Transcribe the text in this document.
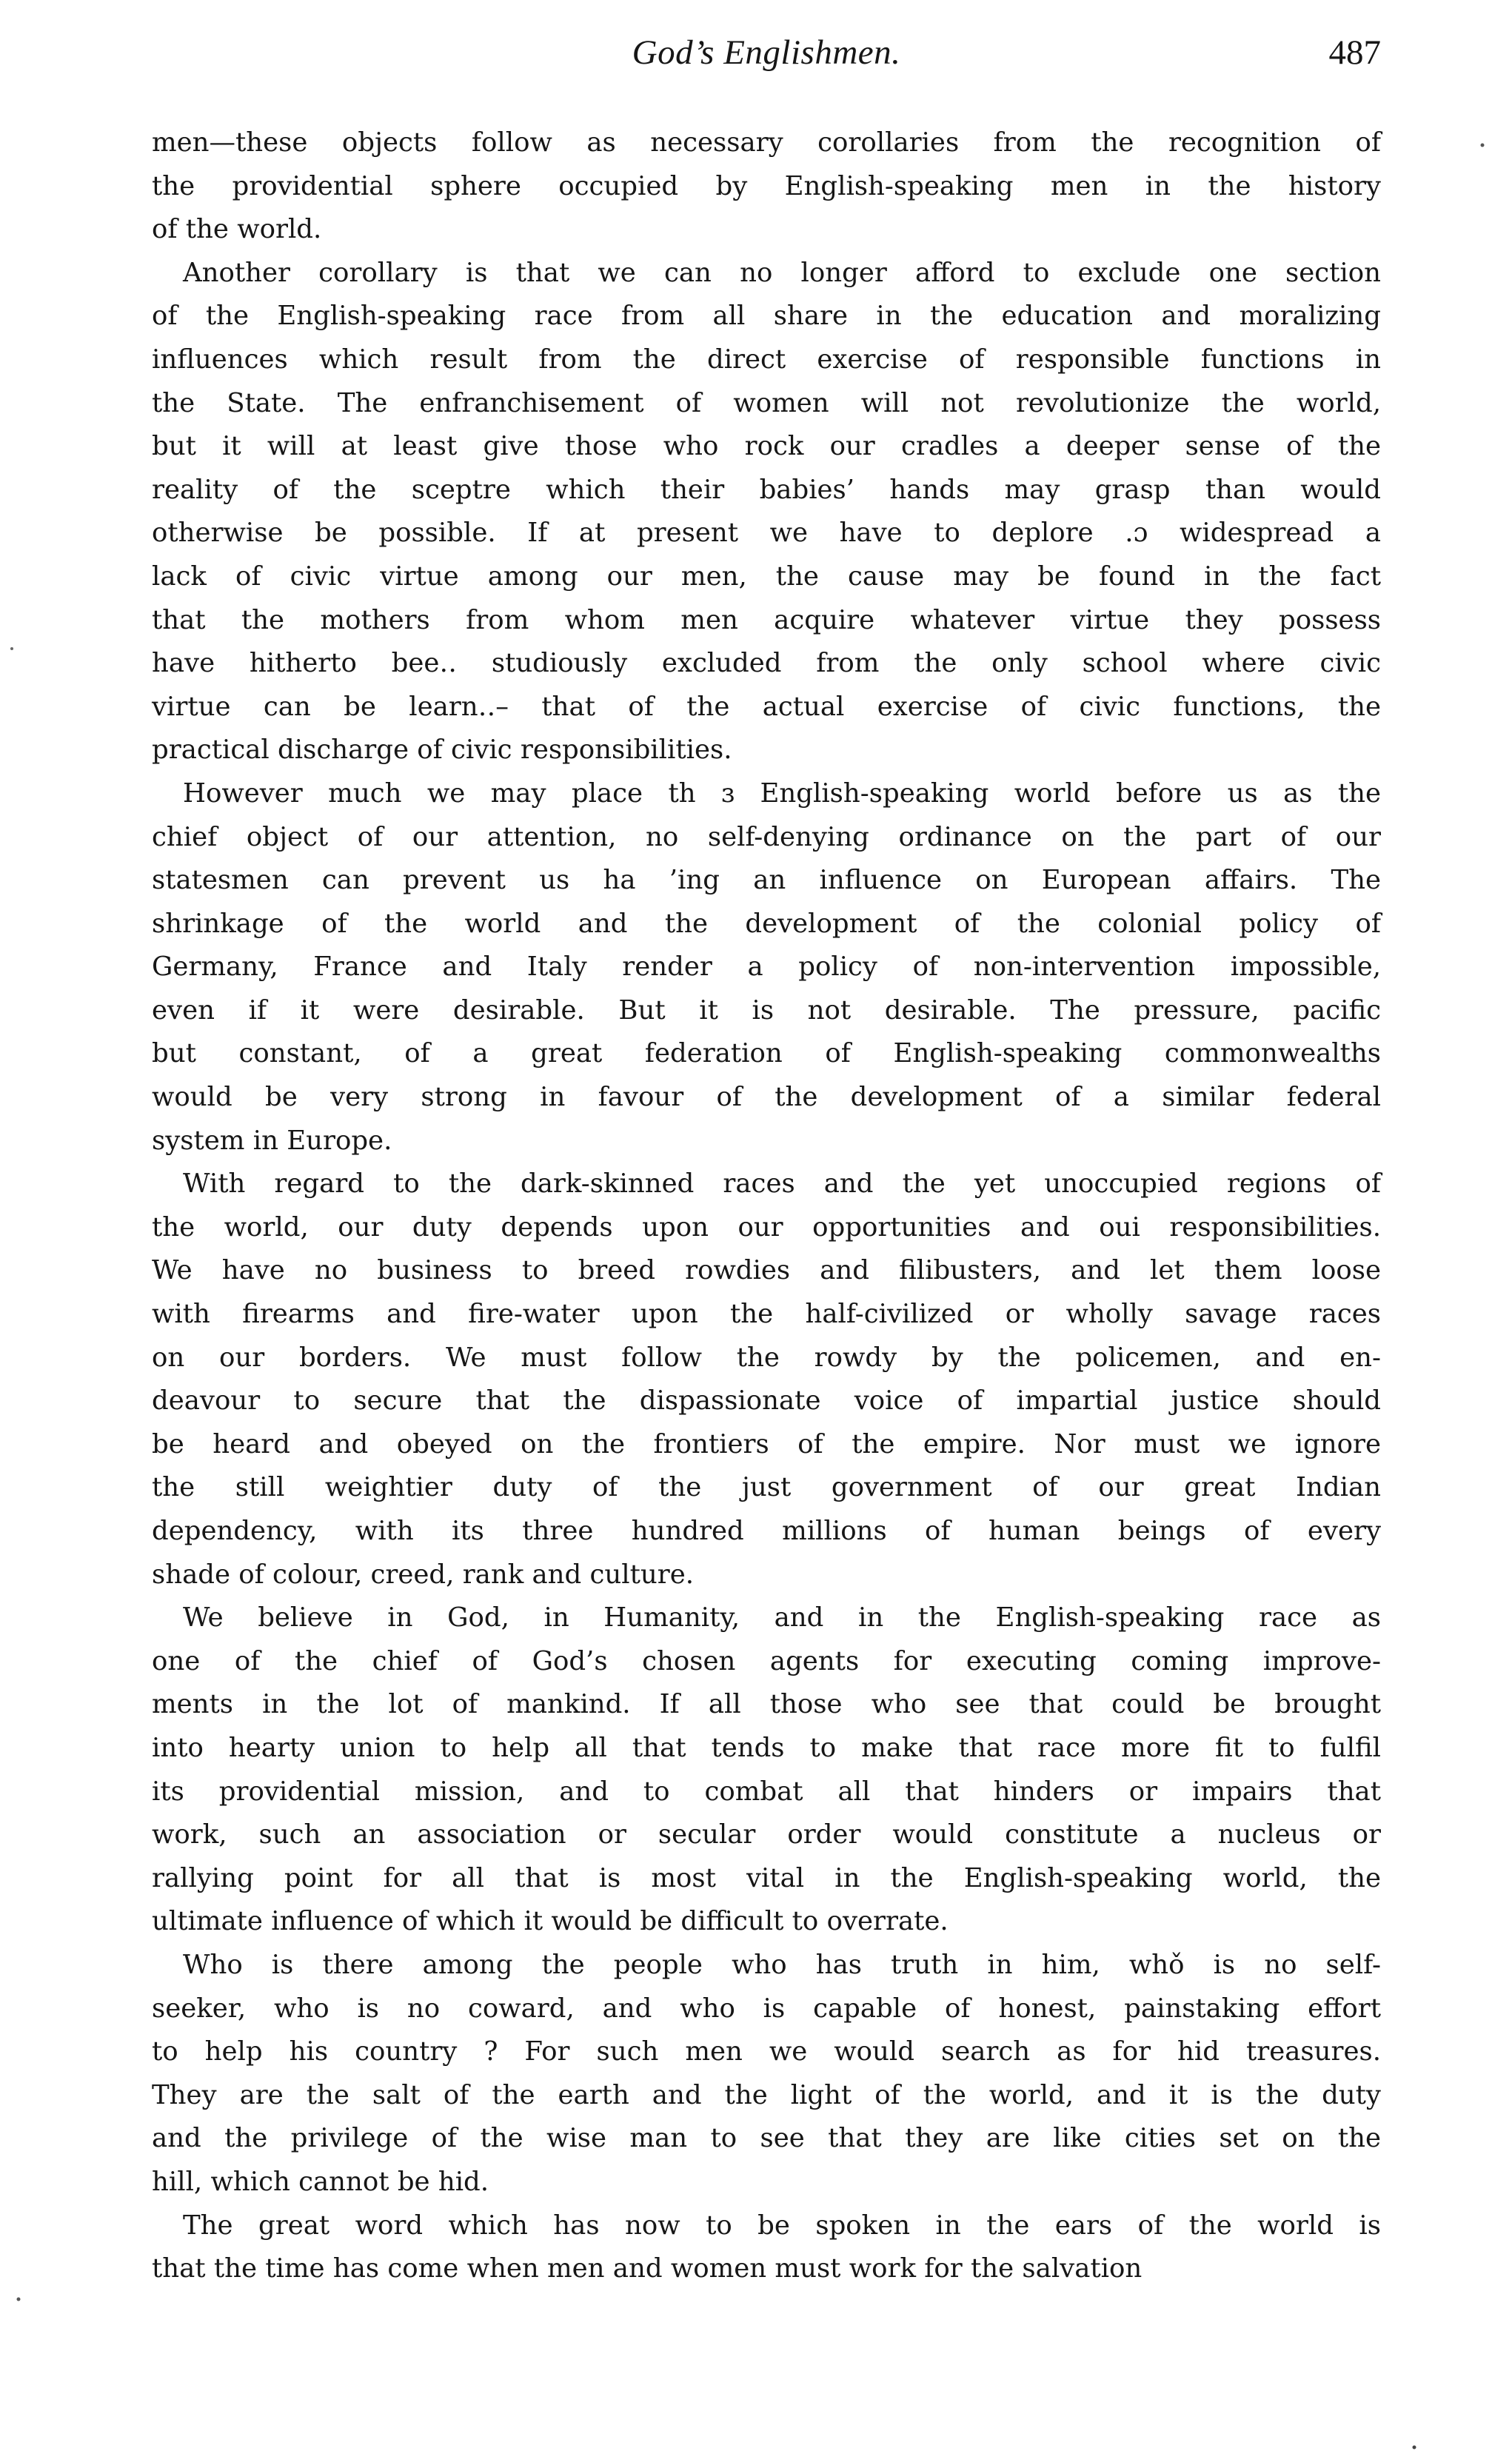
God’s Englishmen.	487
men—these objects follow as necessary corollaries from the recognition of
the providential sphere occupied by English-speaking men in the history
of the world.
Another corollary is that we can no longer afford to exclude one section
of the English-speaking race from all share in the education and moralizing
influences which result from the direct exercise of responsible functions in
the State. The enfranchisement of women will not revolutionize the world,
but it will at least give those who rock our cradles a deeper sense of the
reality of the sceptre which their babies’ hands may grasp than would
otherwise be possible. If at present we have to deplore .ɔ widespread a
lack of civic virtue among our men, the cause may be found in the fact
that the mothers from whom men acquire whatever virtue they possess
have hitherto bee‥ studiously excluded from the only school where civic
virtue can be learn‥– that of the actual exercise of civic functions, the
practical discharge of civic responsibilities.
However much we may place th ɜ English-speaking world before us as the
chief object of our attention, no self-denying ordinance on the part of our
statesmen can prevent us ha ’ing an influence on European affairs. The
shrinkage of the world and the development of the colonial policy of
Germany, France and Italy render a policy of non-intervention impossible,
even if it were desirable. But it is not desirable. The pressure, pacific
but constant, of a great federation of English-speaking commonwealths
would be very strong in favour of the development of a similar federal
system in Europe.
With regard to the dark-skinned races and the yet unoccupied regions of
the world, our duty depends upon our opportunities and oui responsibilities.
We have no business to breed rowdies and filibusters, and let them loose
with firearms and fire-water upon the half-civilized or wholly savage races
on our borders. We must follow the rowdy by the policemen, and en-
deavour to secure that the dispassionate voice of impartial justice should
be heard and obeyed on the frontiers of the empire. Nor must we ignore
the still weightier duty of the just government of our great Indian
dependency, with its three hundred millions of human beings of every
shade of colour, creed, rank and culture.
We believe in God, in Humanity, and in the English-speaking race as
one of the chief of God’s chosen agents for executing coming improve-
ments in the lot of mankind. If all those who see that could be brought
into hearty union to help all that tends to make that race more fit to fulfil
its providential mission, and to combat all that hinders or impairs that
work, such an association or secular order would constitute a nucleus or
rallying point for all that is most vital in the English-speaking world, the
ultimate influence of which it would be difficult to overrate.
Who is there among the people who has truth in him, whǒ is no self-
seeker, who is no coward, and who is capable of honest, painstaking effort
to help his country ? For such men we would search as for hid treasures.
They are the salt of the earth and the light of the world, and it is the duty
and the privilege of the wise man to see that they are like cities set on the
hill, which cannot be hid.
The great word which has now to be spoken in the ears of the world is
that the time has come when men and women must work for the salvation
